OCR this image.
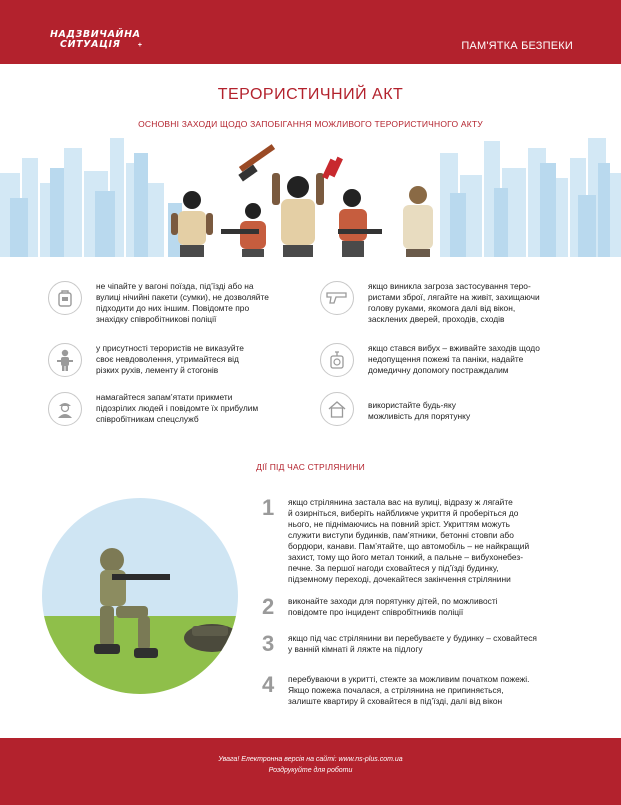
НАДЗВИЧАЙНА
СИТУАЦІЯ	+	ПАМ'ЯТКА БЕЗПЕКИ
ТЕРОРИСТИЧНИЙ АКТ
ОСНОВНІ ЗАХОДИ ЩОДО ЗАПОБІГАННЯ МОЖЛИВОГО ТЕРОРИСТИЧНОГО АКТУ
не чіпайте у вагоні поїзда, під’їзді або на
вулиці нічийні пакети (сумки), не дозволяйте
підходити до них іншим. Повідомте про
знахідку співробітникові поліції
у присутності терористів не виказуйте
своє невдоволення, утримайтеся від
різких рухів, лементу й стогонів
намагайтеся запам’ятати прикмети
підозрілих людей і повідомте їх прибулим
співробітникам спецслужб
якщо виникла загроза застосування теро-
ристами зброї, лягайте на живіт, захищаючи
голову руками, якомога далі від вікон,
засклених дверей, проходів, сходів
якщо стався вибух – вживайте заходів щодо
недопущення пожежі та паніки, надайте
домедичну допомогу постраждалим
використайте будь-яку
можливість для порятунку
ДІЇ ПІД ЧАС СТРІЛЯНИНИ
1	якщо стрілянина застала вас на вулиці, відразу ж лягайте
й озирніться, виберіть найближче укриття й проберіться до
нього, не піднімаючись на повний зріст. Укриттям можуть
служити виступи будинків, пам’ятники, бетонні стовпи або
бордюри, канави. Пам’ятайте, що автомобіль – не найкращий
захист, тому що його метал тонкий, а пальне – вибухонебез-
печне. За першої нагоди сховайтеся у під’їзді будинку,
підземному переході, дочекайтеся закінчення стрілянини
2	виконайте заходи для порятунку дітей, по можливості
повідомте про інцидент співробітників поліції
3	якщо під час стрілянини ви перебуваєте у будинку – сховайтеся
у ванній кімнаті й ляжте на підлогу
4	перебуваючи в укритті, стежте за можливим початком пожежі.
Якщо пожежа почалася, а стрілянина не припиняється,
залиште квартиру й сховайтеся в під’їзді, далі від вікон
Увага! Електронна версія на сайті: www.ns-plus.com.ua
Роздрукуйте для роботи
